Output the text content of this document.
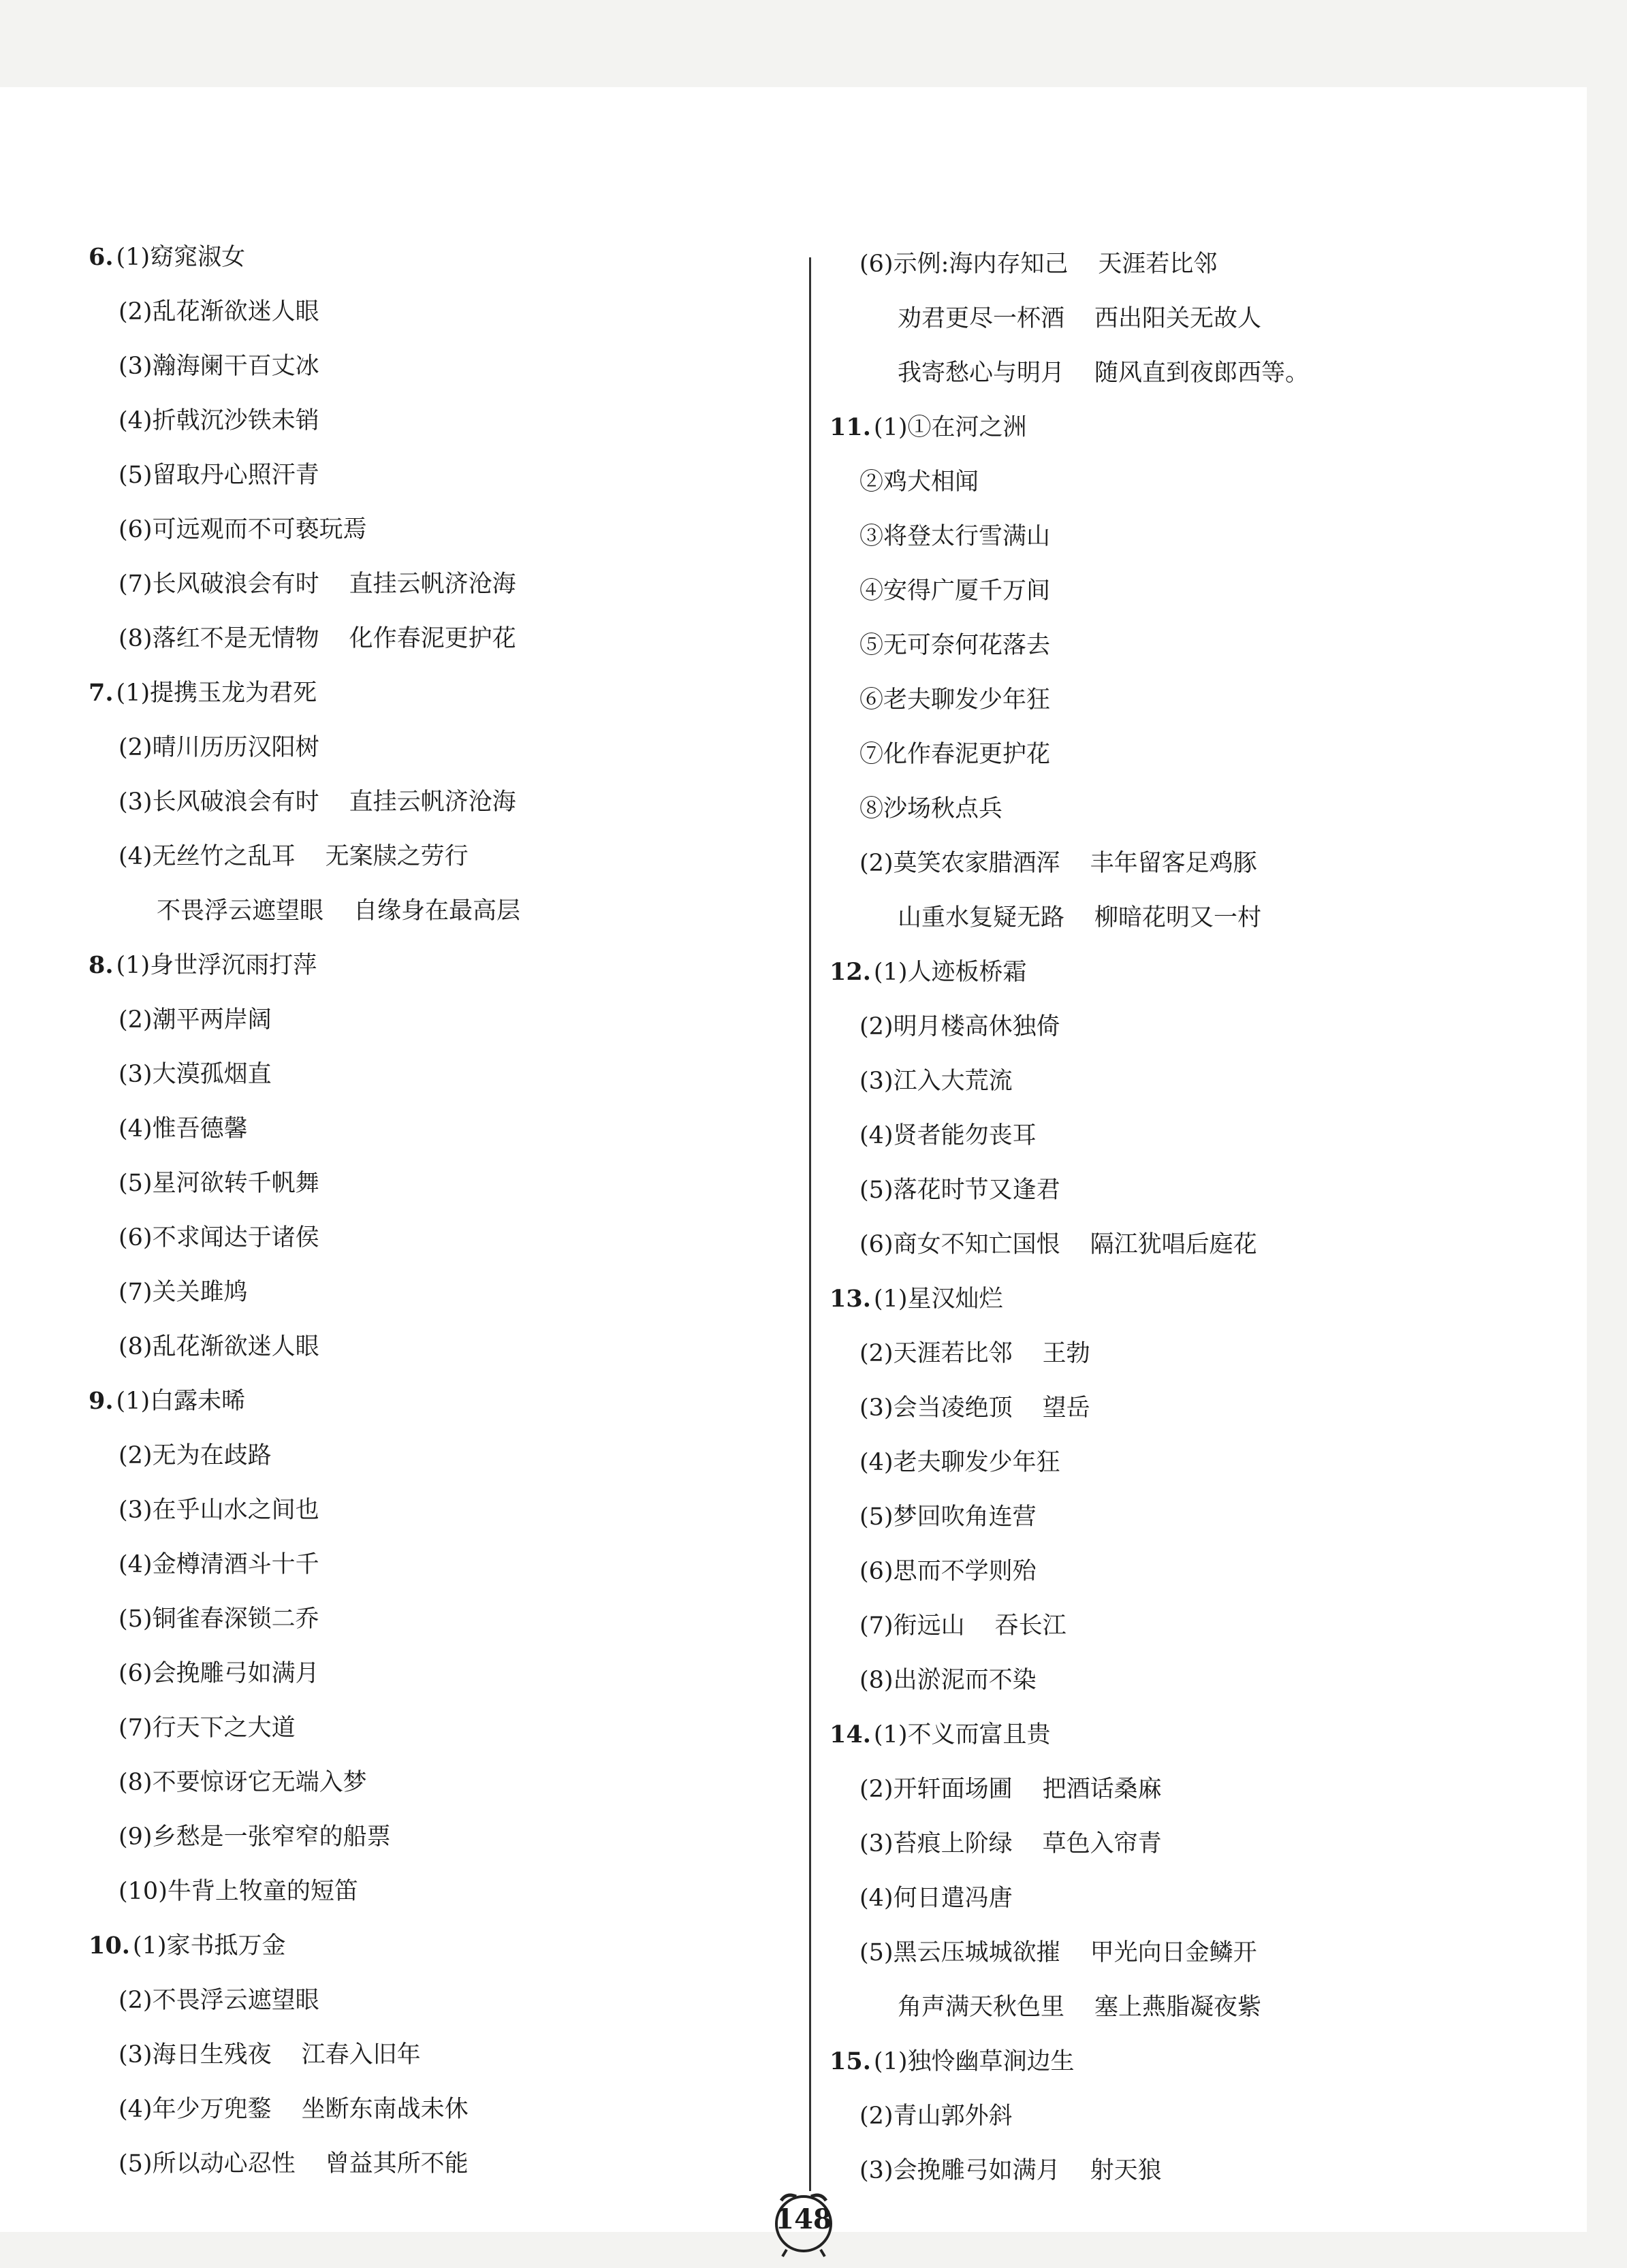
6. (1)窈窕淑女
(2)乱花渐欲迷人眼
(3)瀚海阑干百丈冰
(4)折戟沉沙铁未销
(5)留取丹心照汗青
(6)可远观而不可亵玩焉
(7)长风破浪会有时 直挂云帆济沧海
(8)落红不是无情物 化作春泥更护花
7. (1)提携玉龙为君死
(2)晴川历历汉阳树
(3)长风破浪会有时 直挂云帆济沧海
(4)无丝竹之乱耳 无案牍之劳行
不畏浮云遮望眼 自缘身在最高层
8. (1)身世浮沉雨打萍
(2)潮平两岸阔
(3)大漠孤烟直
(4)惟吾德馨
(5)星河欲转千帆舞
(6)不求闻达于诸侯
(7)关关雎鸠
(8)乱花渐欲迷人眼
9. (1)白露未晞
(2)无为在歧路
(3)在乎山水之间也
(4)金樽清酒斗十千
(5)铜雀春深锁二乔
(6)会挽雕弓如满月
(7)行天下之大道
(8)不要惊讶它无端入梦
(9)乡愁是一张窄窄的船票
(10)牛背上牧童的短笛
10. (1)家书抵万金
(2)不畏浮云遮望眼
(3)海日生残夜 江春入旧年
(4)年少万兜鍪 坐断东南战未休
(5)所以动心忍性 曾益其所不能
(6)示例:海内存知己 天涯若比邻
劝君更尽一杯酒 西出阳关无故人
我寄愁心与明月 随风直到夜郎西等。
11. (1)①在河之洲
②鸡犬相闻
③将登太行雪满山
④安得广厦千万间
⑤无可奈何花落去
⑥老夫聊发少年狂
⑦化作春泥更护花
⑧沙场秋点兵
(2)莫笑农家腊酒浑 丰年留客足鸡豚
山重水复疑无路 柳暗花明又一村
12. (1)人迹板桥霜
(2)明月楼高休独倚
(3)江入大荒流
(4)贤者能勿丧耳
(5)落花时节又逢君
(6)商女不知亡国恨 隔江犹唱后庭花
13. (1)星汉灿烂
(2)天涯若比邻 王勃
(3)会当凌绝顶 望岳
(4)老夫聊发少年狂
(5)梦回吹角连营
(6)思而不学则殆
(7)衔远山 吞长江
(8)出淤泥而不染
14. (1)不义而富且贵
(2)开轩面场圃 把酒话桑麻
(3)苔痕上阶绿 草色入帘青
(4)何日遣冯唐
(5)黑云压城城欲摧 甲光向日金鳞开
角声满天秋色里 塞上燕脂凝夜紫
15. (1)独怜幽草涧边生
(2)青山郭外斜
(3)会挽雕弓如满月 射天狼
148
